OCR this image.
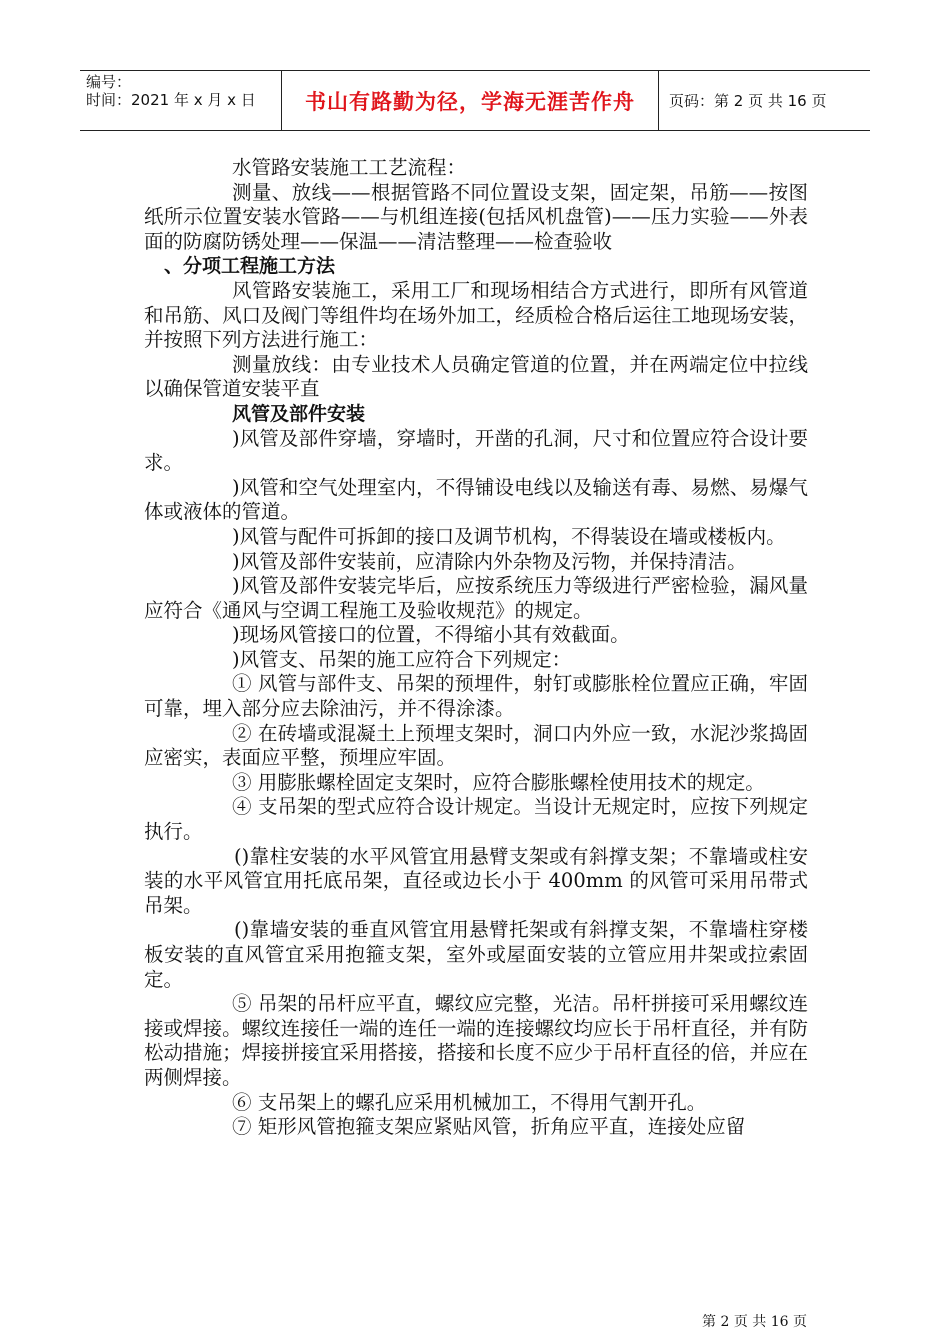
编号：
时间：2021 年 x 月 x 日	书山有路勤为径，学海无涯苦作舟	页码：第 2 页 共 16 页

水管路安装施工工艺流程：

测量、放线——根据管路不同位置设支架，固定架，吊筋——按图纸所示位置安装水管路——与机组连接(包括风机盘管)——压力实验——外表面的防腐防锈处理——保温——清洁整理——检查验收

、分项工程施工方法

风管路安装施工，采用工厂和现场相结合方式进行，即所有风管道和吊筋、风口及阀门等组件均在场外加工，经质检合格后运往工地现场安装，并按照下列方法进行施工：

测量放线：由专业技术人员确定管道的位置，并在两端定位中拉线以确保管道安装平直

风管及部件安装

)风管及部件穿墙，穿墙时，开凿的孔洞，尺寸和位置应符合设计要求。

)风管和空气处理室内，不得铺设电线以及输送有毒、易燃、易爆气体或液体的管道。

)风管与配件可拆卸的接口及调节机构，不得装设在墙或楼板内。

)风管及部件安装前，应清除内外杂物及污物，并保持清洁。

)风管及部件安装完毕后，应按系统压力等级进行严密检验，漏风量应符合《通风与空调工程施工及验收规范》的规定。

)现场风管接口的位置，不得缩小其有效截面。

)风管支、吊架的施工应符合下列规定：

① 风管与部件支、吊架的预埋件，射钉或膨胀栓位置应正确，牢固可靠，埋入部分应去除油污，并不得涂漆。

② 在砖墙或混凝土上预埋支架时，洞口内外应一致，水泥沙浆捣固应密实，表面应平整，预埋应牢固。

③ 用膨胀螺栓固定支架时，应符合膨胀螺栓使用技术的规定。

④ 支吊架的型式应符合设计规定。当设计无规定时，应按下列规定执行。

()靠柱安装的水平风管宜用悬臂支架或有斜撑支架；不靠墙或柱安装的水平风管宜用托底吊架，直径或边长小于 400mm 的风管可采用吊带式吊架。

()靠墙安装的垂直风管宜用悬臂托架或有斜撑支架，不靠墙柱穿楼板安装的直风管宜采用抱箍支架，室外或屋面安装的立管应用井架或拉索固定。

⑤ 吊架的吊杆应平直，螺纹应完整，光洁。吊杆拼接可采用螺纹连接或焊接。螺纹连接任一端的连任一端的连接螺纹均应长于吊杆直径，并有防松动措施；焊接拼接宜采用搭接，搭接和长度不应少于吊杆直径的倍，并应在两侧焊接。

⑥ 支吊架上的螺孔应采用机械加工，不得用气割开孔。

⑦ 矩形风管抱箍支架应紧贴风管，折角应平直，连接处应留

第 2 页 共 16 页
